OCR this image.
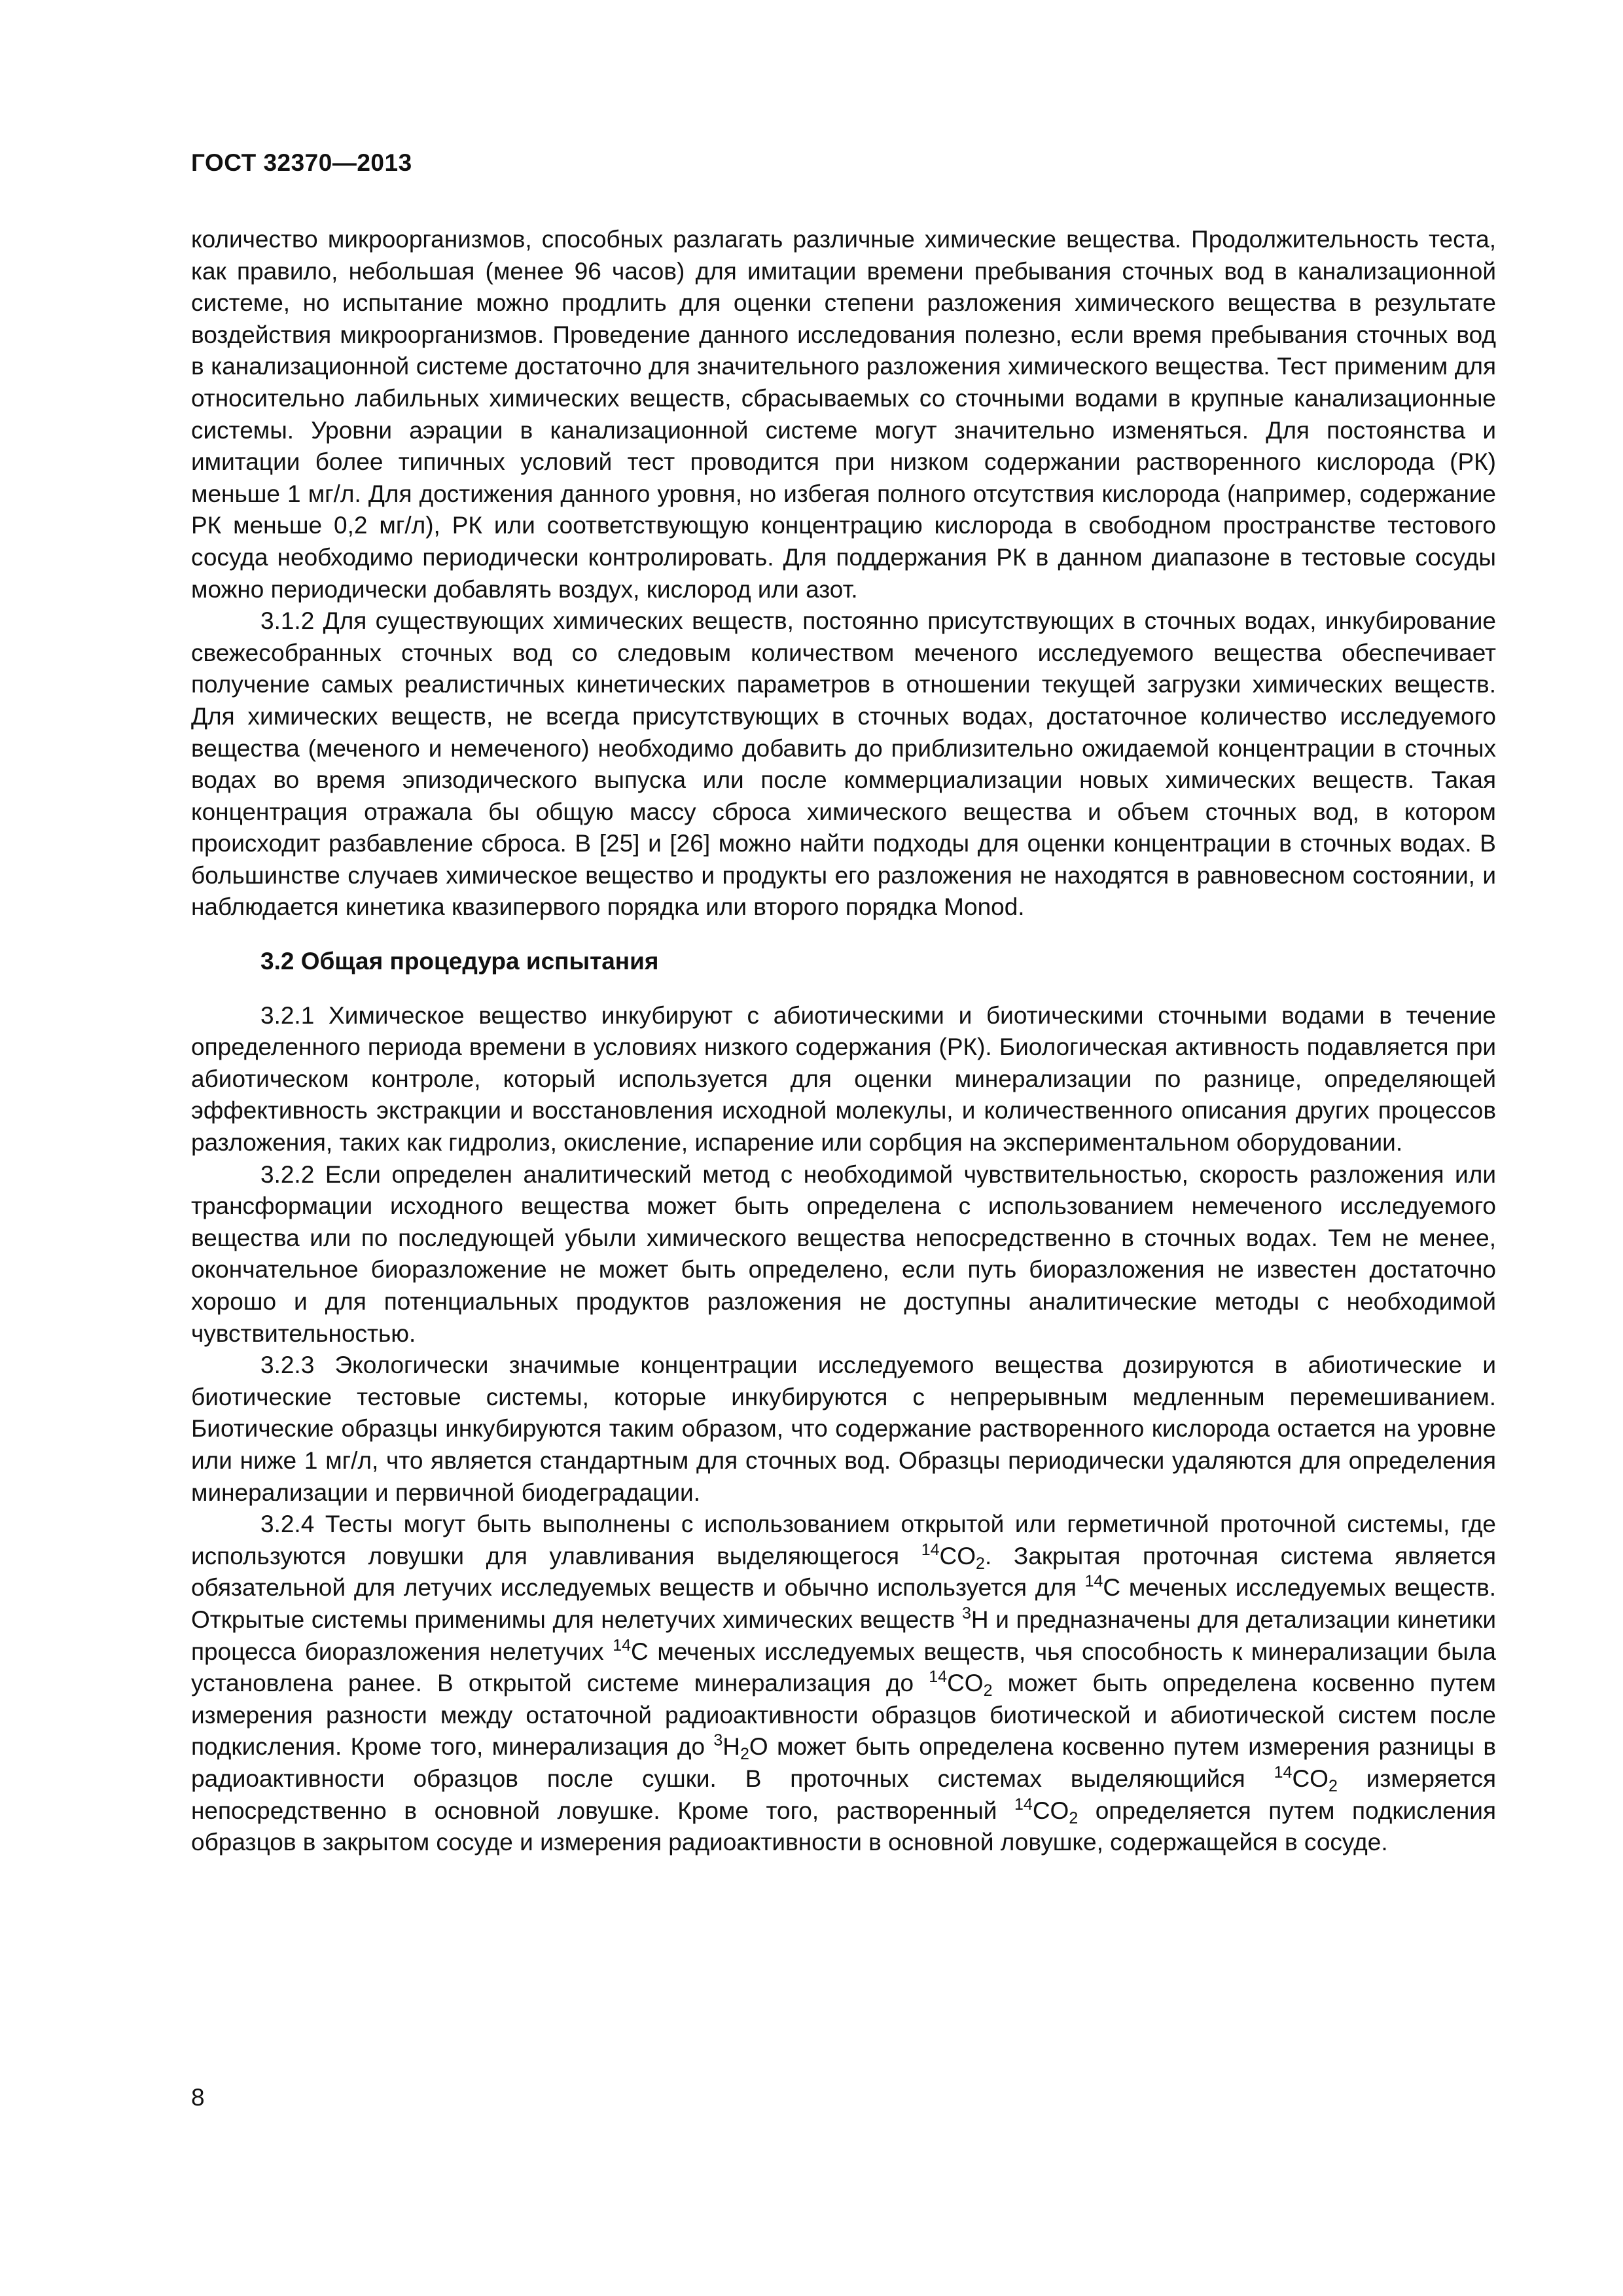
ГОСТ 32370—2013

количество микроорганизмов, способных разлагать различные химические вещества. Продолжительность теста, как правило, небольшая (менее 96 часов) для имитации времени пребывания сточных вод в канализационной системе, но испытание можно продлить для оценки степени разложения химического вещества в результате воздействия микроорганизмов. Проведение данного исследования полезно, если время пребывания сточных вод в канализационной системе достаточно для значительного разложения химического вещества. Тест применим для относительно лабильных химических веществ, сбрасываемых со сточными водами в крупные канализационные системы. Уровни аэрации в канализационной системе могут значительно изменяться. Для постоянства и имитации более типичных условий тест проводится при низком содержании растворенного кислорода (РК) меньше 1 мг/л. Для достижения данного уровня, но избегая полного отсутствия кислорода (например, содержание РК меньше 0,2 мг/л), РК или соответствующую концентрацию кислорода в свободном пространстве тестового сосуда необходимо периодически контролировать. Для поддержания РК в данном диапазоне в тестовые сосуды можно периодически добавлять воздух, кислород или азот.

3.1.2 Для существующих химических веществ, постоянно присутствующих в сточных водах, инкубирование свежесобранных сточных вод со следовым количеством меченого исследуемого вещества обеспечивает получение самых реалистичных кинетических параметров в отношении текущей загрузки химических веществ. Для химических веществ, не всегда присутствующих в сточных водах, достаточное количество исследуемого вещества (меченого и немеченого) необходимо добавить до приблизительно ожидаемой концентрации в сточных водах во время эпизодического выпуска или после коммерциализации новых химических веществ. Такая концентрация отражала бы общую массу сброса химического вещества и объем сточных вод, в котором происходит разбавление сброса. В [25] и [26] можно найти подходы для оценки концентрации в сточных водах. В большинстве случаев химическое вещество и продукты его разложения не находятся в равновесном состоянии, и наблюдается кинетика квазипервого порядка или второго порядка Monod.

3.2 Общая процедура испытания

3.2.1 Химическое вещество инкубируют с абиотическими и биотическими сточными водами в течение определенного периода времени в условиях низкого содержания (РК). Биологическая активность подавляется при абиотическом контроле, который используется для оценки минерализации по разнице, определяющей эффективность экстракции и восстановления исходной молекулы, и количественного описания других процессов разложения, таких как гидролиз, окисление, испарение или сорбция на экспериментальном оборудовании.

3.2.2 Если определен аналитический метод с необходимой чувствительностью, скорость разложения или трансформации исходного вещества может быть определена с использованием немеченого исследуемого вещества или по последующей убыли химического вещества непосредственно в сточных водах. Тем не менее, окончательное биоразложение не может быть определено, если путь биоразложения не известен достаточно хорошо и для потенциальных продуктов разложения не доступны аналитические методы с необходимой чувствительностью.

3.2.3 Экологически значимые концентрации исследуемого вещества дозируются в абиотические и биотические тестовые системы, которые инкубируются с непрерывным медленным перемешиванием. Биотические образцы инкубируются таким образом, что содержание растворенного кислорода остается на уровне или ниже 1 мг/л, что является стандартным для сточных вод. Образцы периодически удаляются для определения минерализации и первичной биодеградации.

3.2.4 Тесты могут быть выполнены с использованием открытой или герметичной проточной системы, где используются ловушки для улавливания выделяющегося $^{14}CO_2$. Закрытая проточная система является обязательной для летучих исследуемых веществ и обычно используется для $^{14}$С меченых исследуемых веществ. Открытые системы применимы для нелетучих химических веществ $^3$Н и предназначены для детализации кинетики процесса биоразложения нелетучих $^{14}$С меченых исследуемых веществ, чья способность к минерализации была установлена ранее. В открытой системе минерализация до $^{14}CO_2$ может быть определена косвенно путем измерения разности между остаточной радиоактивности образцов биотической и абиотической систем после подкисления. Кроме того, минерализация до $^3H_2O$ может быть определена косвенно путем измерения разницы в радиоактивности образцов после сушки. В проточных системах выделяющийся $^{14}CO_2$ измеряется непосредственно в основной ловушке. Кроме того, растворенный $^{14}CO_2$ определяется путем подкисления образцов в закрытом сосуде и измерения радиоактивности в основной ловушке, содержащейся в сосуде.

8
